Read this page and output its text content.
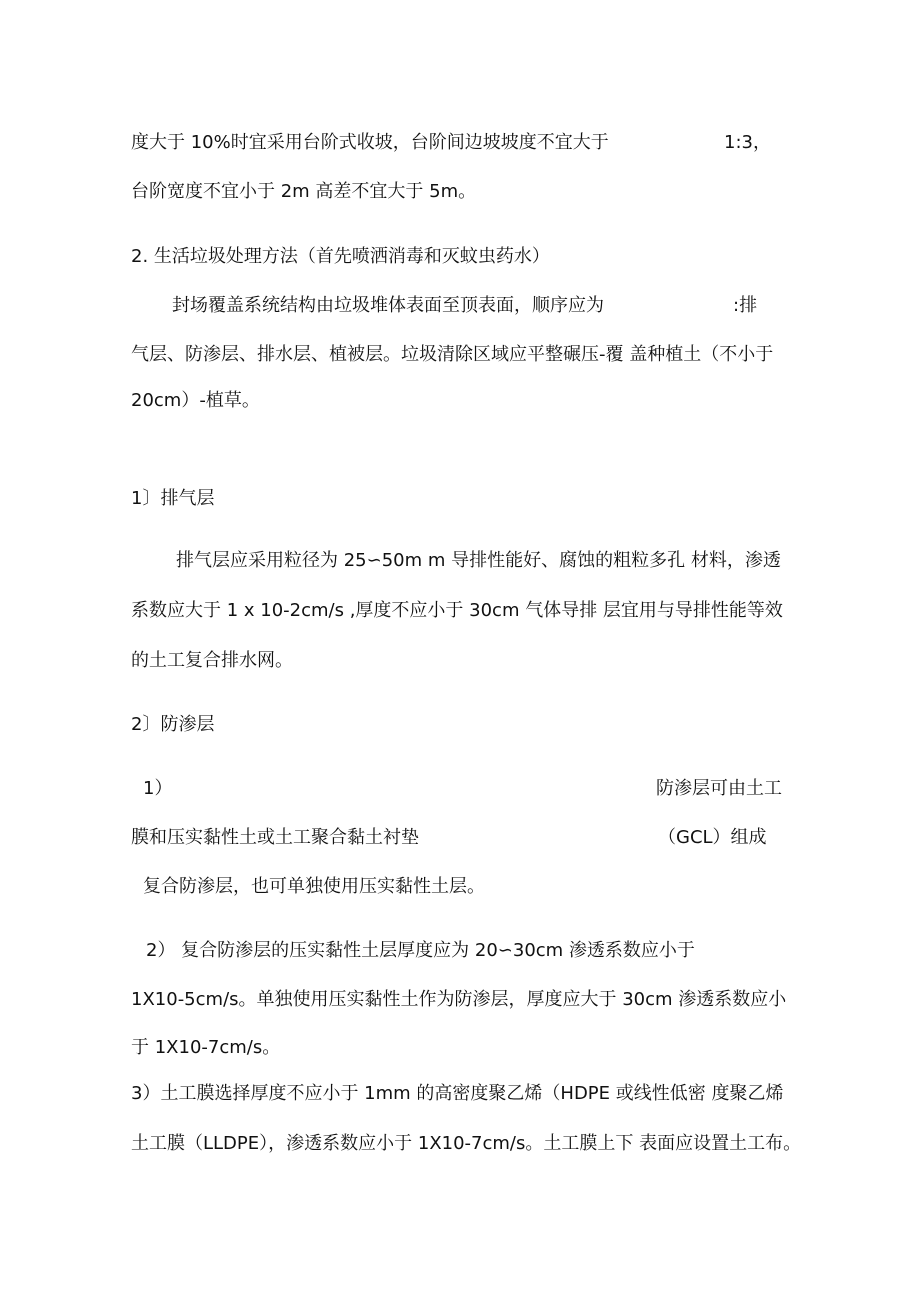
度大于 10%时宜采用台阶式收坡，台阶间边坡坡度不宜大于	1:3，
台阶宽度不宜小于 2m 高差不宜大于 5m。
2. 生活垃圾处理方法（首先喷洒消毒和灭蚊虫药水）
封场覆盖系统结构由垃圾堆体表面至顶表面，顺序应为	:排
气层、防渗层、排水层、植被层。垃圾清除区域应平整碾压-覆 盖种植土（不小于
20cm）-植草。
1〕排气层
排气层应采用粒径为 25∽50m m 导排性能好、腐蚀的粗粒多孔 材料，渗透
系数应大于 1 x 10-2cm/s ,厚度不应小于 30cm 气体导排 层宜用与导排性能等效
的土工复合排水网。
2〕防渗层
1）	防渗层可由土工
膜和压实黏性土或土工聚合黏土衬垫	（GCL）组成
复合防渗层，也可单独使用压实黏性土层。
2） 复合防渗层的压实黏性土层厚度应为 20∽30cm 渗透系数应小于
1X10-5cm/s。单独使用压实黏性土作为防渗层，厚度应大于 30cm 渗透系数应小
于 1X10-7cm/s。
3）土工膜选择厚度不应小于 1mm 的高密度聚乙烯（HDPE 或线性低密 度聚乙烯
土工膜（LLDPE），渗透系数应小于 1X10-7cm/s。土工膜上下 表面应设置土工布。
